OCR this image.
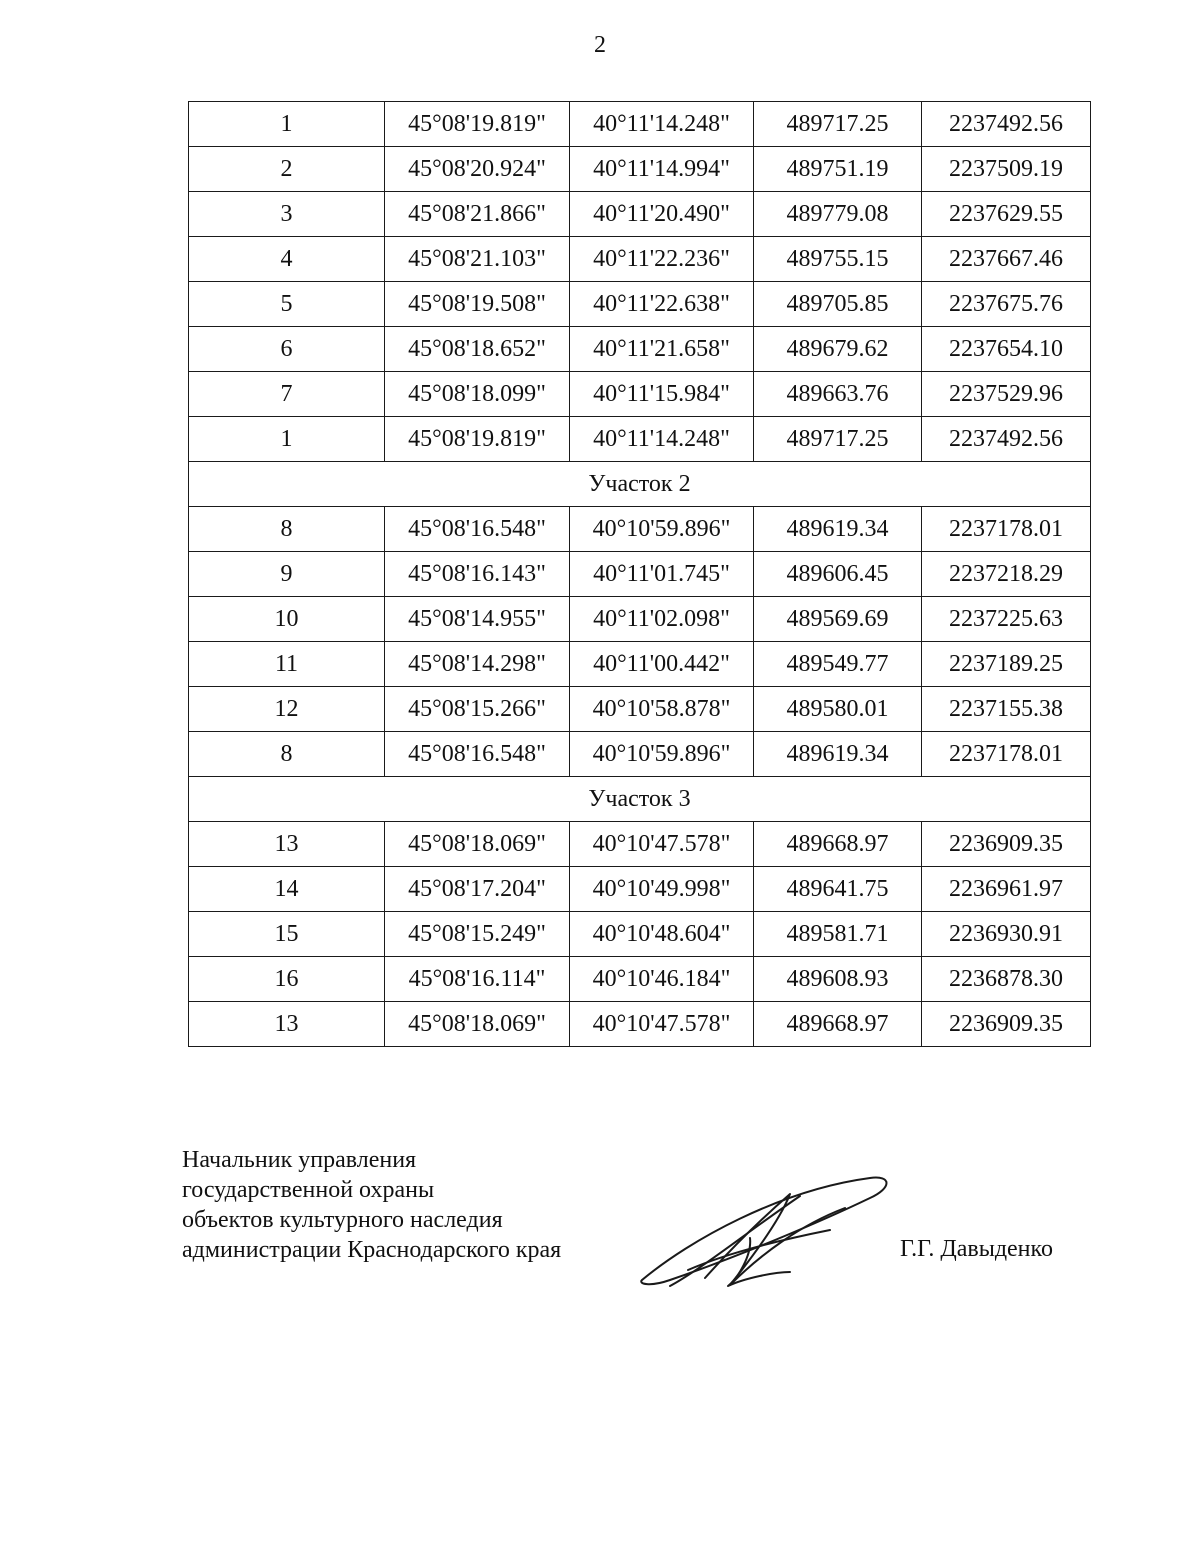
2
1	45°08'19.819"	40°11'14.248"	489717.25	2237492.56
2	45°08'20.924"	40°11'14.994"	489751.19	2237509.19
3	45°08'21.866"	40°11'20.490"	489779.08	2237629.55
4	45°08'21.103"	40°11'22.236"	489755.15	2237667.46
5	45°08'19.508"	40°11'22.638"	489705.85	2237675.76
6	45°08'18.652"	40°11'21.658"	489679.62	2237654.10
7	45°08'18.099"	40°11'15.984"	489663.76	2237529.96
1	45°08'19.819"	40°11'14.248"	489717.25	2237492.56
Участок 2				
8	45°08'16.548"	40°10'59.896"	489619.34	2237178.01
9	45°08'16.143"	40°11'01.745"	489606.45	2237218.29
10	45°08'14.955"	40°11'02.098"	489569.69	2237225.63
11	45°08'14.298"	40°11'00.442"	489549.77	2237189.25
12	45°08'15.266"	40°10'58.878"	489580.01	2237155.38
8	45°08'16.548"	40°10'59.896"	489619.34	2237178.01
Участок 3				
13	45°08'18.069"	40°10'47.578"	489668.97	2236909.35
14	45°08'17.204"	40°10'49.998"	489641.75	2236961.97
15	45°08'15.249"	40°10'48.604"	489581.71	2236930.91
16	45°08'16.114"	40°10'46.184"	489608.93	2236878.30
13	45°08'18.069"	40°10'47.578"	489668.97	2236909.35
Начальник управления
государственной охраны
объектов культурного наследия
администрации Краснодарского края	Г.Г. Давыденко
